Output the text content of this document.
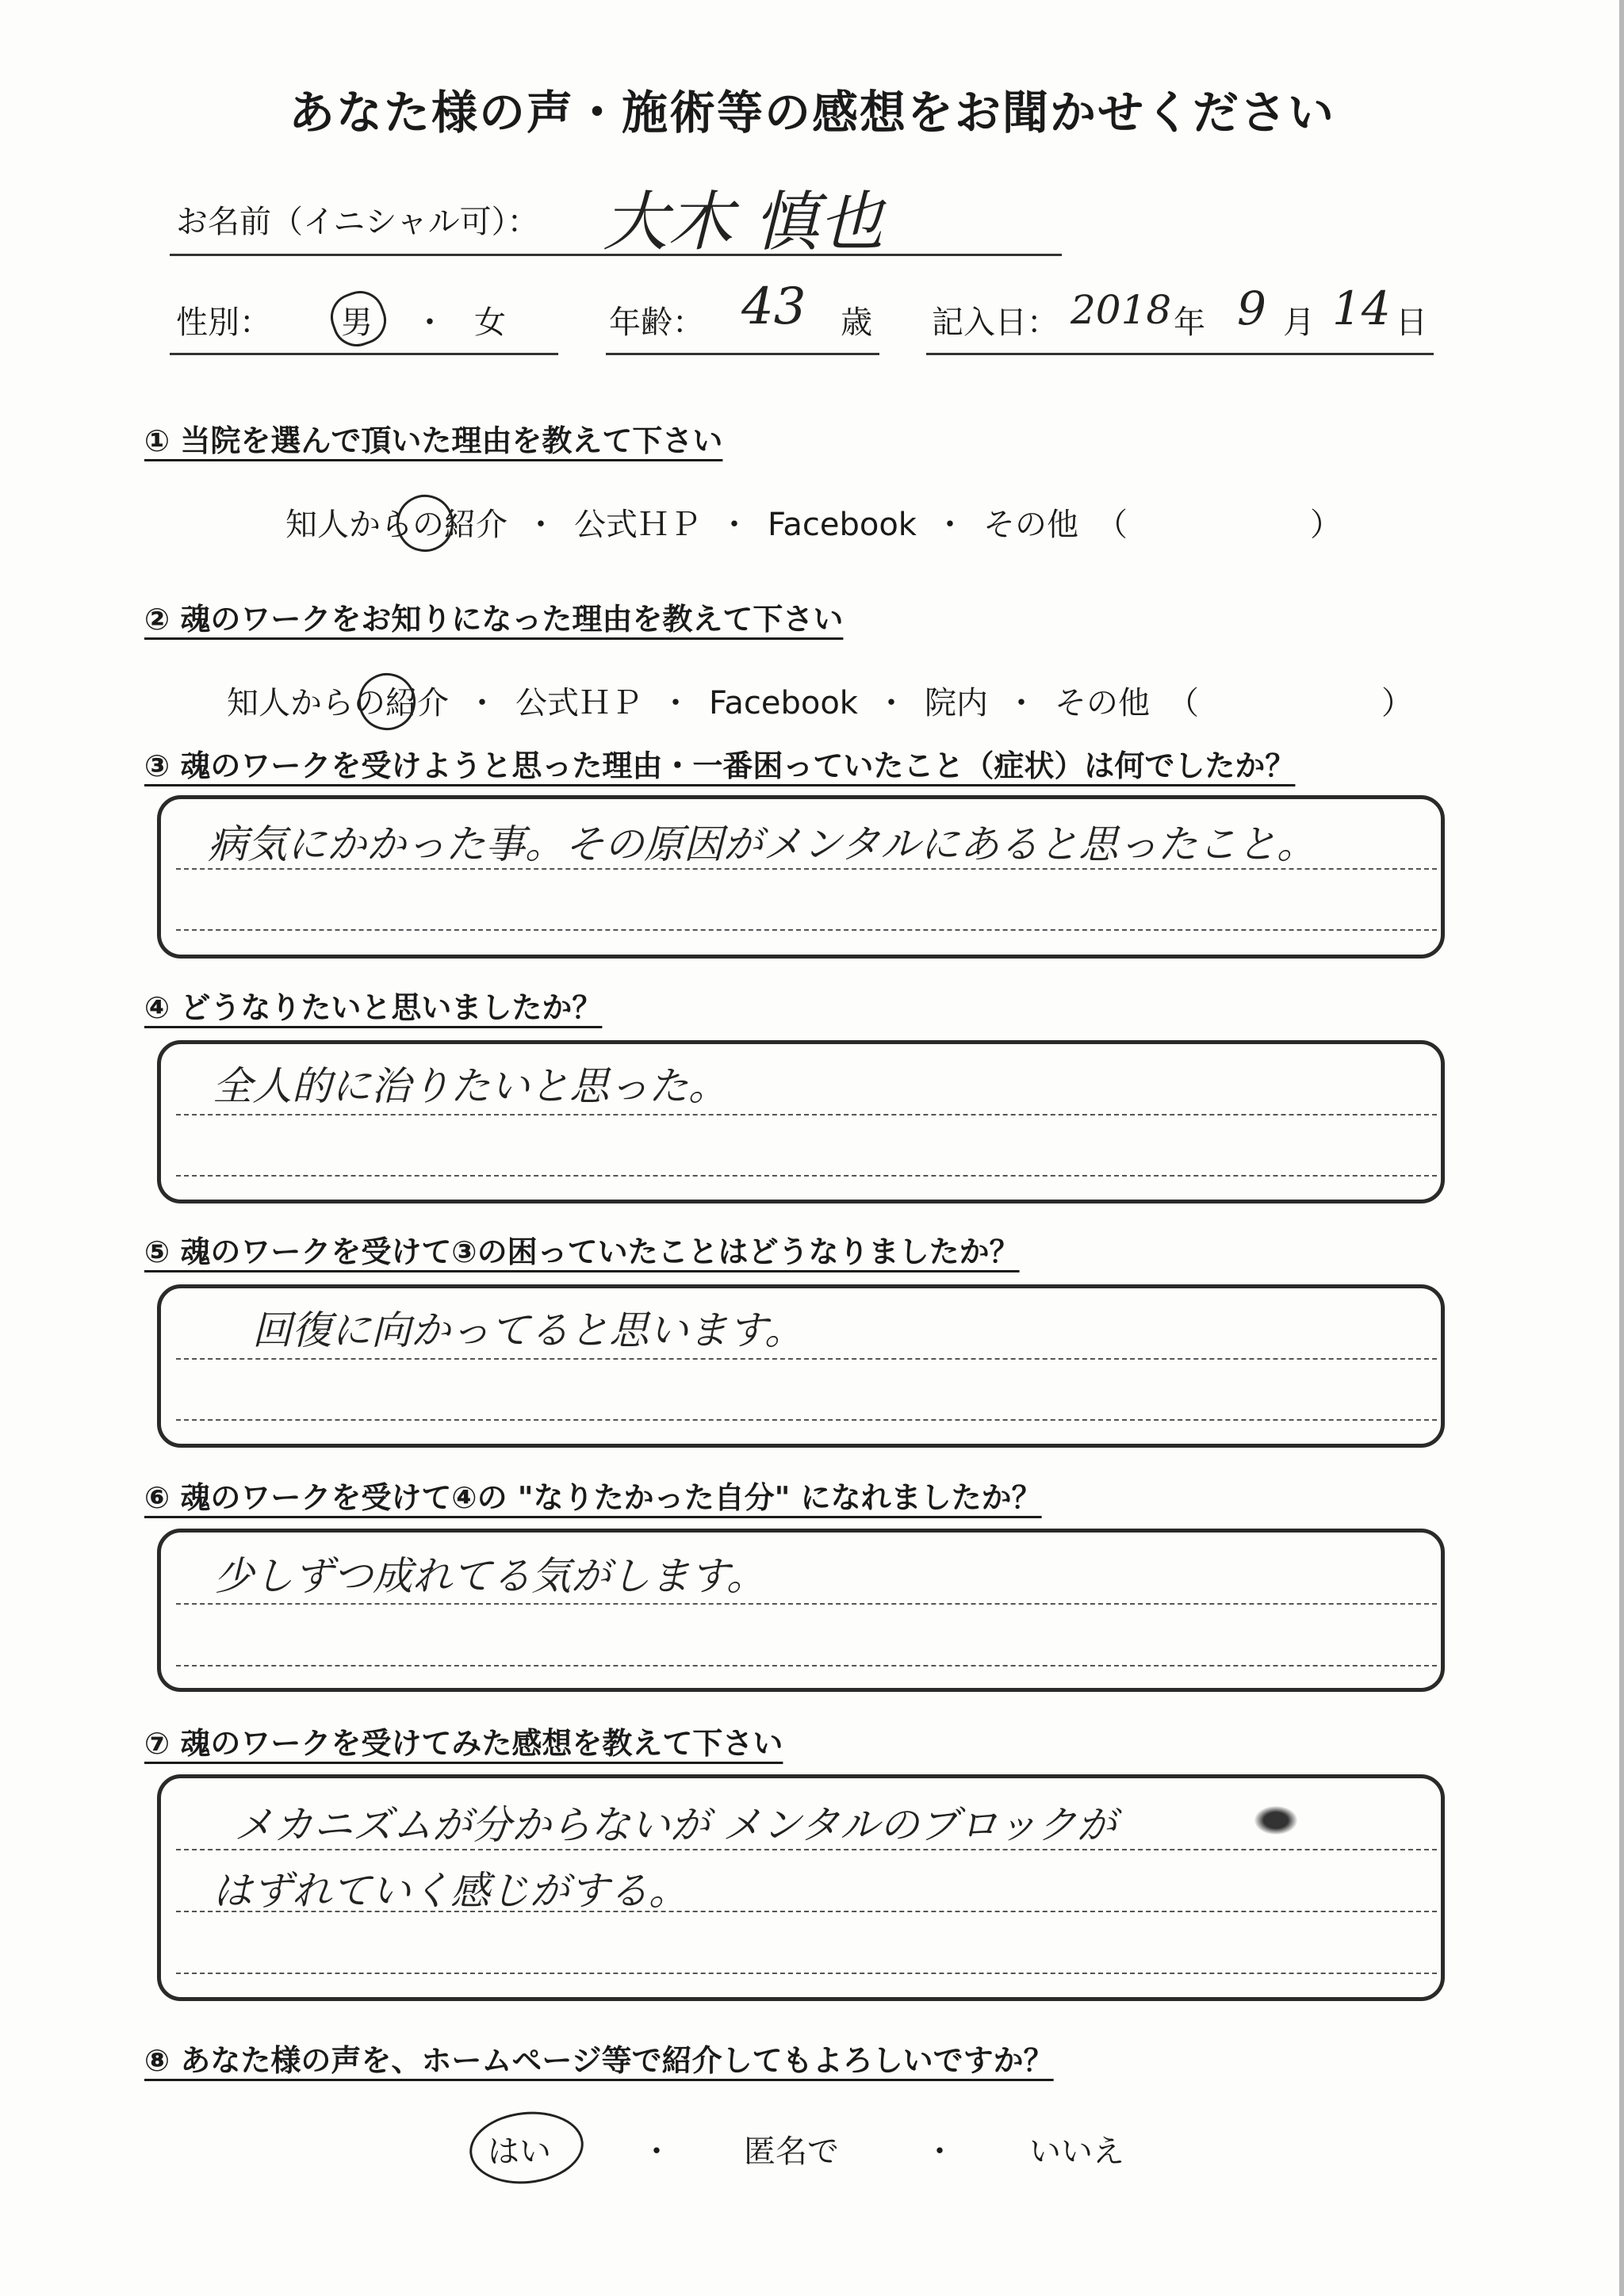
あなた様の声・施術等の感想をお聞かせください
お名前（イニシャル可）： 大木 慎也
性別： 男 ・ 女	年齢： 43 歳 記入日： 2018 年 9 月 14 日
① 当院を選んで頂いた理由を教えて下さい
知人からの紹介 ・ 公式ＨＰ ・ Facebook ・ その他 （	）
② 魂のワークをお知りになった理由を教えて下さい
知人からの紹介 ・ 公式ＨＰ ・ Facebook ・ 院内 ・ その他 （	）
③ 魂のワークを受けようと思った理由・一番困っていたこと（症状）は何でしたか？
病気にかかった事。その原因がメンタルにあると思ったこと。
④ どうなりたいと思いましたか？
全人的に治りたいと思った。
⑤ 魂のワークを受けて③の困っていたことはどうなりましたか？
回復に向かってると思います。
⑥ 魂のワークを受けて④の "なりたかった自分" になれましたか？
少しずつ成れてる気がします。
⑦ 魂のワークを受けてみた感想を教えて下さい
メカニズムが分からないが メンタルのブロックが
はずれていく感じがする。
⑧ あなた様の声を、ホームページ等で紹介してもよろしいですか？
はい	・ 匿名で	・ いいえ
